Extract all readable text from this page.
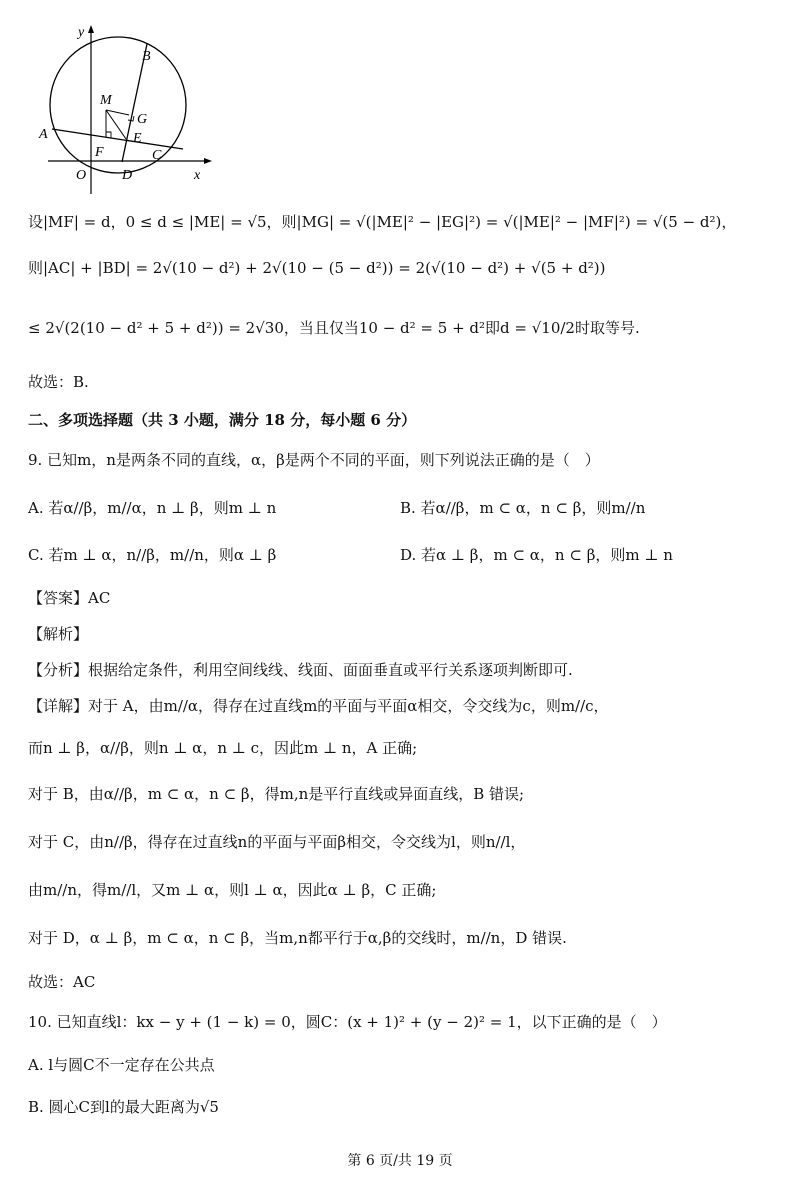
y
x
O
B
M
G
A	E
F	C
D
设|MF| = d，0 ≤ d ≤ |ME| = √5，则|MG| = √(|ME|² − |EG|²) = √(|ME|² − |MF|²) = √(5 − d²)，
则|AC| + |BD| = 2√(10 − d²) + 2√(10 − (5 − d²)) = 2(√(10 − d²) + √(5 + d²))
≤ 2√(2(10 − d² + 5 + d²)) = 2√30，当且仅当10 − d² = 5 + d²即d = √10/2时取等号.
故选：B.
二、多项选择题（共 3 小题，满分 18 分，每小题 6 分）
9. 已知m，n是两条不同的直线，α，β是两个不同的平面，则下列说法正确的是（　）
A. 若α//β，m//α，n ⊥ β，则m ⊥ n	B. 若α//β，m ⊂ α，n ⊂ β，则m//n
C. 若m ⊥ α，n//β，m//n，则α ⊥ β	D. 若α ⊥ β，m ⊂ α，n ⊂ β，则m ⊥ n
【答案】AC
【解析】
【分析】根据给定条件，利用空间线线、线面、面面垂直或平行关系逐项判断即可.
【详解】对于 A，由m//α，得存在过直线m的平面与平面α相交，令交线为c，则m//c，
而n ⊥ β，α//β，则n ⊥ α，n ⊥ c，因此m ⊥ n，A 正确;
对于 B，由α//β，m ⊂ α，n ⊂ β，得m,n是平行直线或异面直线，B 错误;
对于 C，由n//β，得存在过直线n的平面与平面β相交，令交线为l，则n//l，
由m//n，得m//l，又m ⊥ α，则l ⊥ α，因此α ⊥ β，C 正确;
对于 D，α ⊥ β，m ⊂ α，n ⊂ β，当m,n都平行于α,β的交线时，m//n，D 错误.
故选：AC
10. 已知直线l：kx − y + (1 − k) = 0，圆C：(x + 1)² + (y − 2)² = 1，以下正确的是（　）
A. l与圆C不一定存在公共点
B. 圆心C到l的最大距离为√5
第 6 页/共 19 页
